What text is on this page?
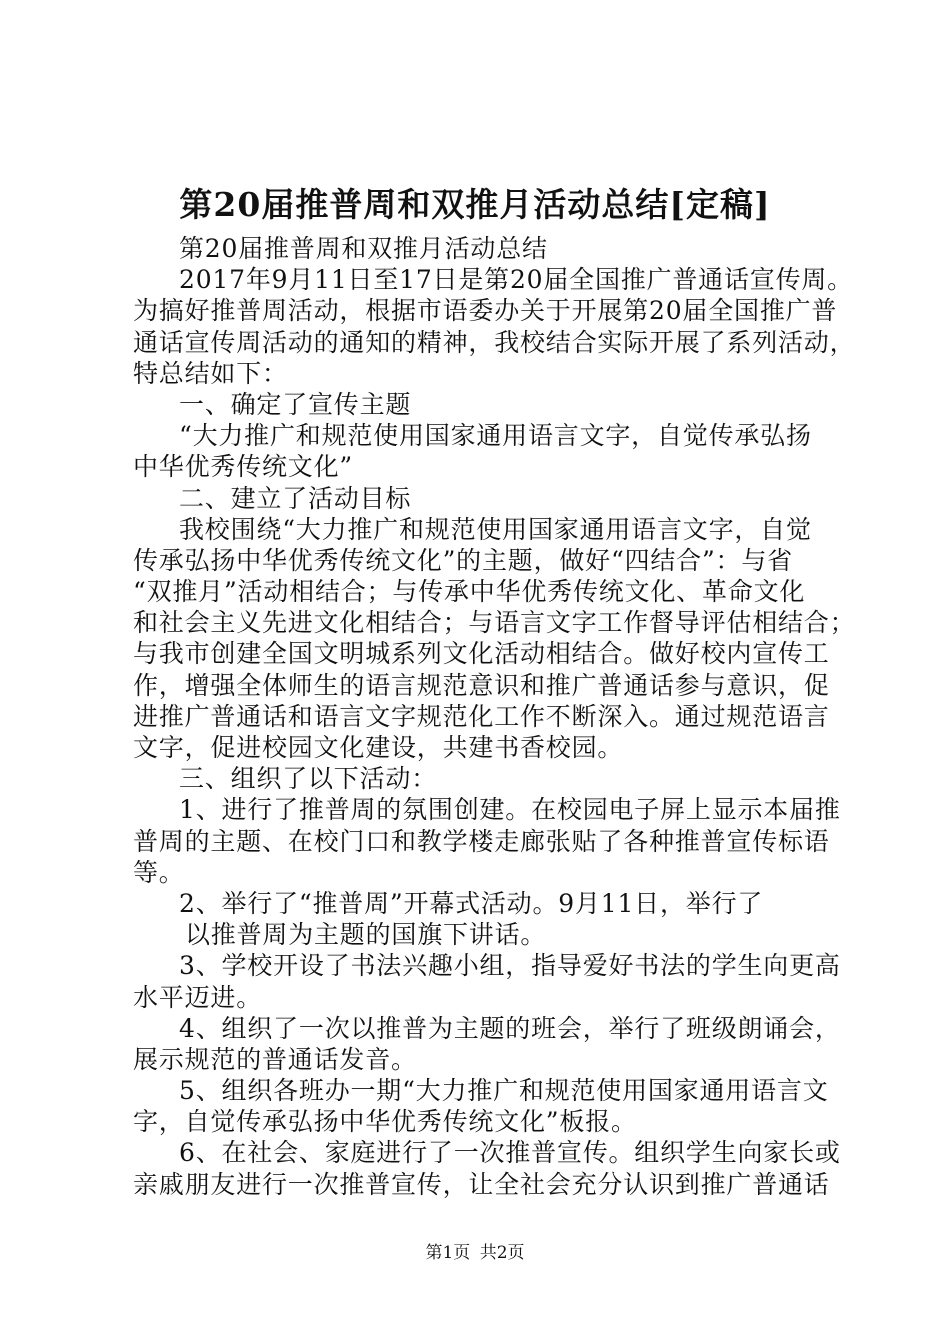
第20届推普周和双推月活动总结[定稿]
第20届推普周和双推月活动总结
2017年9月11日至17日是第20届全国推广普通话宣传周。
为搞好推普周活动，根据市语委办关于开展第20届全国推广普
通话宣传周活动的通知的精神，我校结合实际开展了系列活动，
特总结如下：
一、确定了宣传主题
“大力推广和规范使用国家通用语言文字，自觉传承弘扬
中华优秀传统文化”
二、建立了活动目标
我校围绕“大力推广和规范使用国家通用语言文字，自觉
传承弘扬中华优秀传统文化”的主题，做好“四结合”：与省
“双推月”活动相结合；与传承中华优秀传统文化、革命文化
和社会主义先进文化相结合；与语言文字工作督导评估相结合；
与我市创建全国文明城系列文化活动相结合。做好校内宣传工
作，增强全体师生的语言规范意识和推广普通话参与意识，促
进推广普通话和语言文字规范化工作不断深入。通过规范语言
文字，促进校园文化建设，共建书香校园。
三、组织了以下活动：
1、进行了推普周的氛围创建。在校园电子屏上显示本届推
普周的主题、在校门口和教学楼走廊张贴了各种推普宣传标语
等。
2、举行了“推普周”开幕式活动。9月11日，举行了
以推普周为主题的国旗下讲话。
3、学校开设了书法兴趣小组，指导爱好书法的学生向更高
水平迈进。
4、组织了一次以推普为主题的班会，举行了班级朗诵会，
展示规范的普通话发音。
5、组织各班办一期“大力推广和规范使用国家通用语言文
字，自觉传承弘扬中华优秀传统文化”板报。
6、在社会、家庭进行了一次推普宣传。组织学生向家长或
亲戚朋友进行一次推普宣传，让全社会充分认识到推广普通话
第1页 共2页
